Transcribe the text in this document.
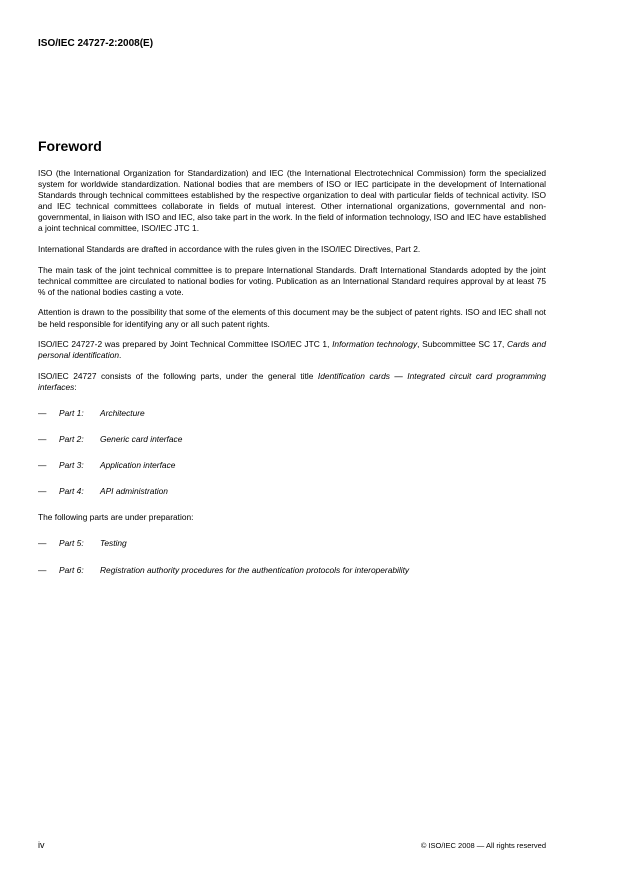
ISO/IEC 24727-2:2008(E)
Foreword

ISO (the International Organization for Standardization) and IEC (the International Electrotechnical Commission) form the specialized system for worldwide standardization. National bodies that are members of ISO or IEC participate in the development of International Standards through technical committees established by the respective organization to deal with particular fields of technical activity. ISO and IEC technical committees collaborate in fields of mutual interest. Other international organizations, governmental and non-governmental, in liaison with ISO and IEC, also take part in the work. In the field of information technology, ISO and IEC have established a joint technical committee, ISO/IEC JTC 1.

International Standards are drafted in accordance with the rules given in the ISO/IEC Directives, Part 2.

The main task of the joint technical committee is to prepare International Standards. Draft International Standards adopted by the joint technical committee are circulated to national bodies for voting. Publication as an International Standard requires approval by at least 75 % of the national bodies casting a vote.

Attention is drawn to the possibility that some of the elements of this document may be the subject of patent rights. ISO and IEC shall not be held responsible for identifying any or all such patent rights.

ISO/IEC 24727-2 was prepared by Joint Technical Committee ISO/IEC JTC 1, Information technology, Subcommittee SC 17, Cards and personal identification.

ISO/IEC 24727 consists of the following parts, under the general title Identification cards — Integrated circuit card programming interfaces:

—	Part 1:	Architecture
—	Part 2:	Generic card interface
—	Part 3:	Application interface
—	Part 4:	API administration

The following parts are under preparation:

—	Part 5:	Testing
—	Part 6:	Registration authority procedures for the authentication protocols for interoperability
iv	© ISO/IEC 2008 — All rights reserved
